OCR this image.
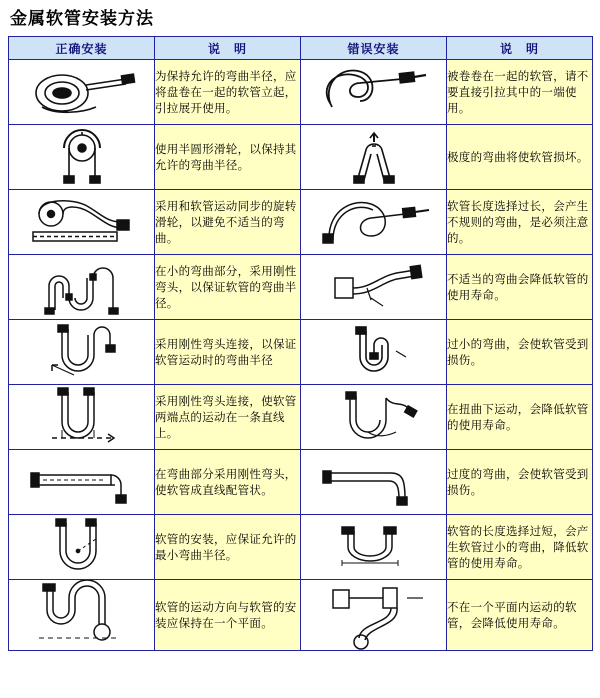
金属软管安装方法
正确安装	说　明	错误安装	说　明

	为保持允许的弯曲半径，应将盘卷在一起的软管立起，引拉展开使用。		被卷卷在一起的软管，请不要直接引拉其中的一端使用。

	使用半圆形滑轮，以保持其允许的弯曲半径。		极度的弯曲将使软管损坏。

	采用和软管运动同步的旋转滑轮，以避免不适当的弯曲。		软管长度选择过长，会产生不规则的弯曲，是必须注意的。

	在小的弯曲部分，采用刚性弯头，以保证软管的弯曲半径。		不适当的弯曲会降低软管的使用寿命。

	采用刚性弯头连接，以保证软管运动时的弯曲半径		过小的弯曲，会使软管受到损伤。

	采用刚性弯头连接，使软管两端点的运动在一条直线上。		在扭曲下运动，会降低软管的使用寿命。

	在弯曲部分采用刚性弯头，使软管成直线配管状。		过度的弯曲，会使软管受到损伤。

	软管的安装，应保证允许的最小弯曲半径。		软管的长度选择过短，会产生软管过小的弯曲，降低软管的使用寿命。

	软管的运动方向与软管的安装应保持在一个平面。		不在一个平面内运动的软管，会降低使用寿命。
